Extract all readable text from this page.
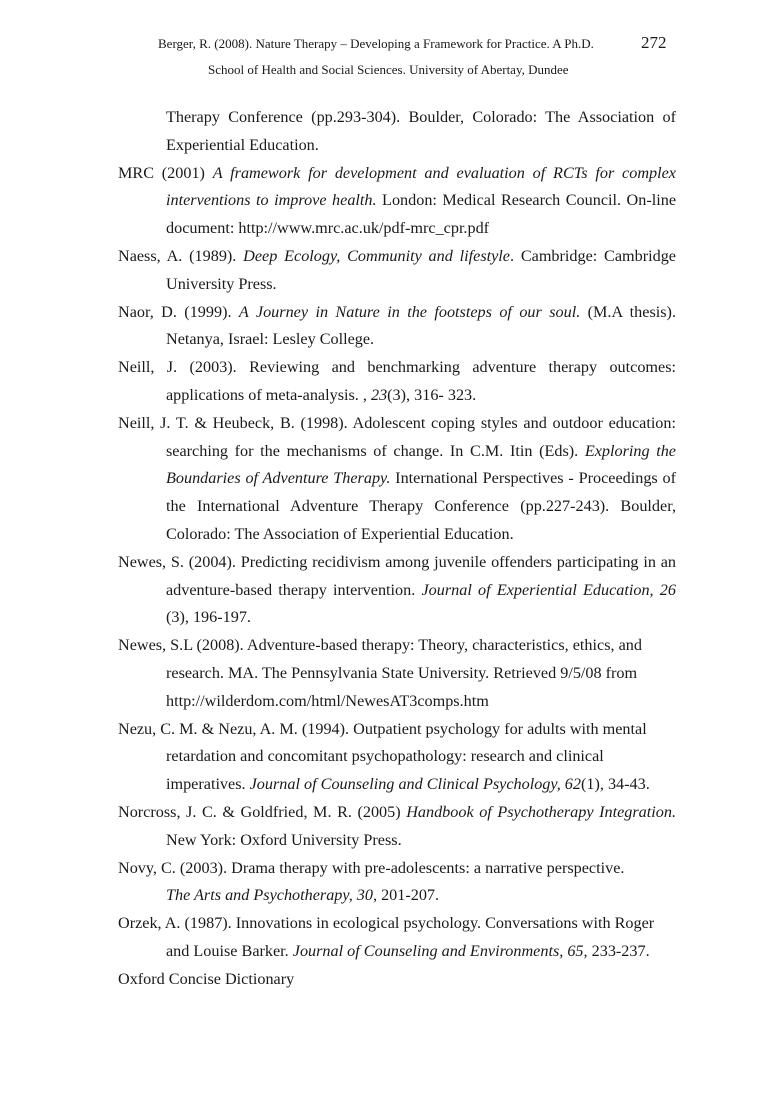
Berger, R. (2008). Nature Therapy – Developing a Framework for Practice. A Ph.D.	272
School of Health and Social Sciences. University of Abertay, Dundee
Therapy Conference (pp.293-304). Boulder, Colorado: The Association of
Experiential Education.
MRC (2001) A framework for development and evaluation of RCTs for complex
interventions to improve health. London: Medical Research Council. On-line
document: http://www.mrc.ac.uk/pdf-mrc_cpr.pdf
Naess, A. (1989). Deep Ecology, Community and lifestyle. Cambridge: Cambridge
University Press.
Naor, D. (1999). A Journey in Nature in the footsteps of our soul. (M.A thesis).
Netanya, Israel: Lesley College.
Neill, J. (2003). Reviewing and benchmarking adventure therapy outcomes:
applications of meta-analysis. , 23(3), 316- 323.
Neill, J. T. & Heubeck, B. (1998). Adolescent coping styles and outdoor education:
searching for the mechanisms of change. In C.M. Itin (Eds). Exploring the
Boundaries of Adventure Therapy. International Perspectives - Proceedings of
the International Adventure Therapy Conference (pp.227-243). Boulder,
Colorado: The Association of Experiential Education.
Newes, S. (2004). Predicting recidivism among juvenile offenders participating in an
adventure-based therapy intervention. Journal of Experiential Education, 26
(3), 196-197.
Newes, S.L (2008). Adventure-based therapy: Theory, characteristics, ethics, and
research. MA. The Pennsylvania State University. Retrieved 9/5/08 from
http://wilderdom.com/html/NewesAT3comps.htm
Nezu, C. M. & Nezu, A. M. (1994). Outpatient psychology for adults with mental
retardation and concomitant psychopathology: research and clinical
imperatives. Journal of Counseling and Clinical Psychology, 62(1), 34-43.
Norcross, J. C. & Goldfried, M. R. (2005) Handbook of Psychotherapy Integration.
New York: Oxford University Press.
Novy, C. (2003). Drama therapy with pre-adolescents: a narrative perspective.
The Arts and Psychotherapy, 30, 201-207.
Orzek, A. (1987). Innovations in ecological psychology. Conversations with Roger
and Louise Barker. Journal of Counseling and Environments, 65, 233-237.
Oxford Concise Dictionary
